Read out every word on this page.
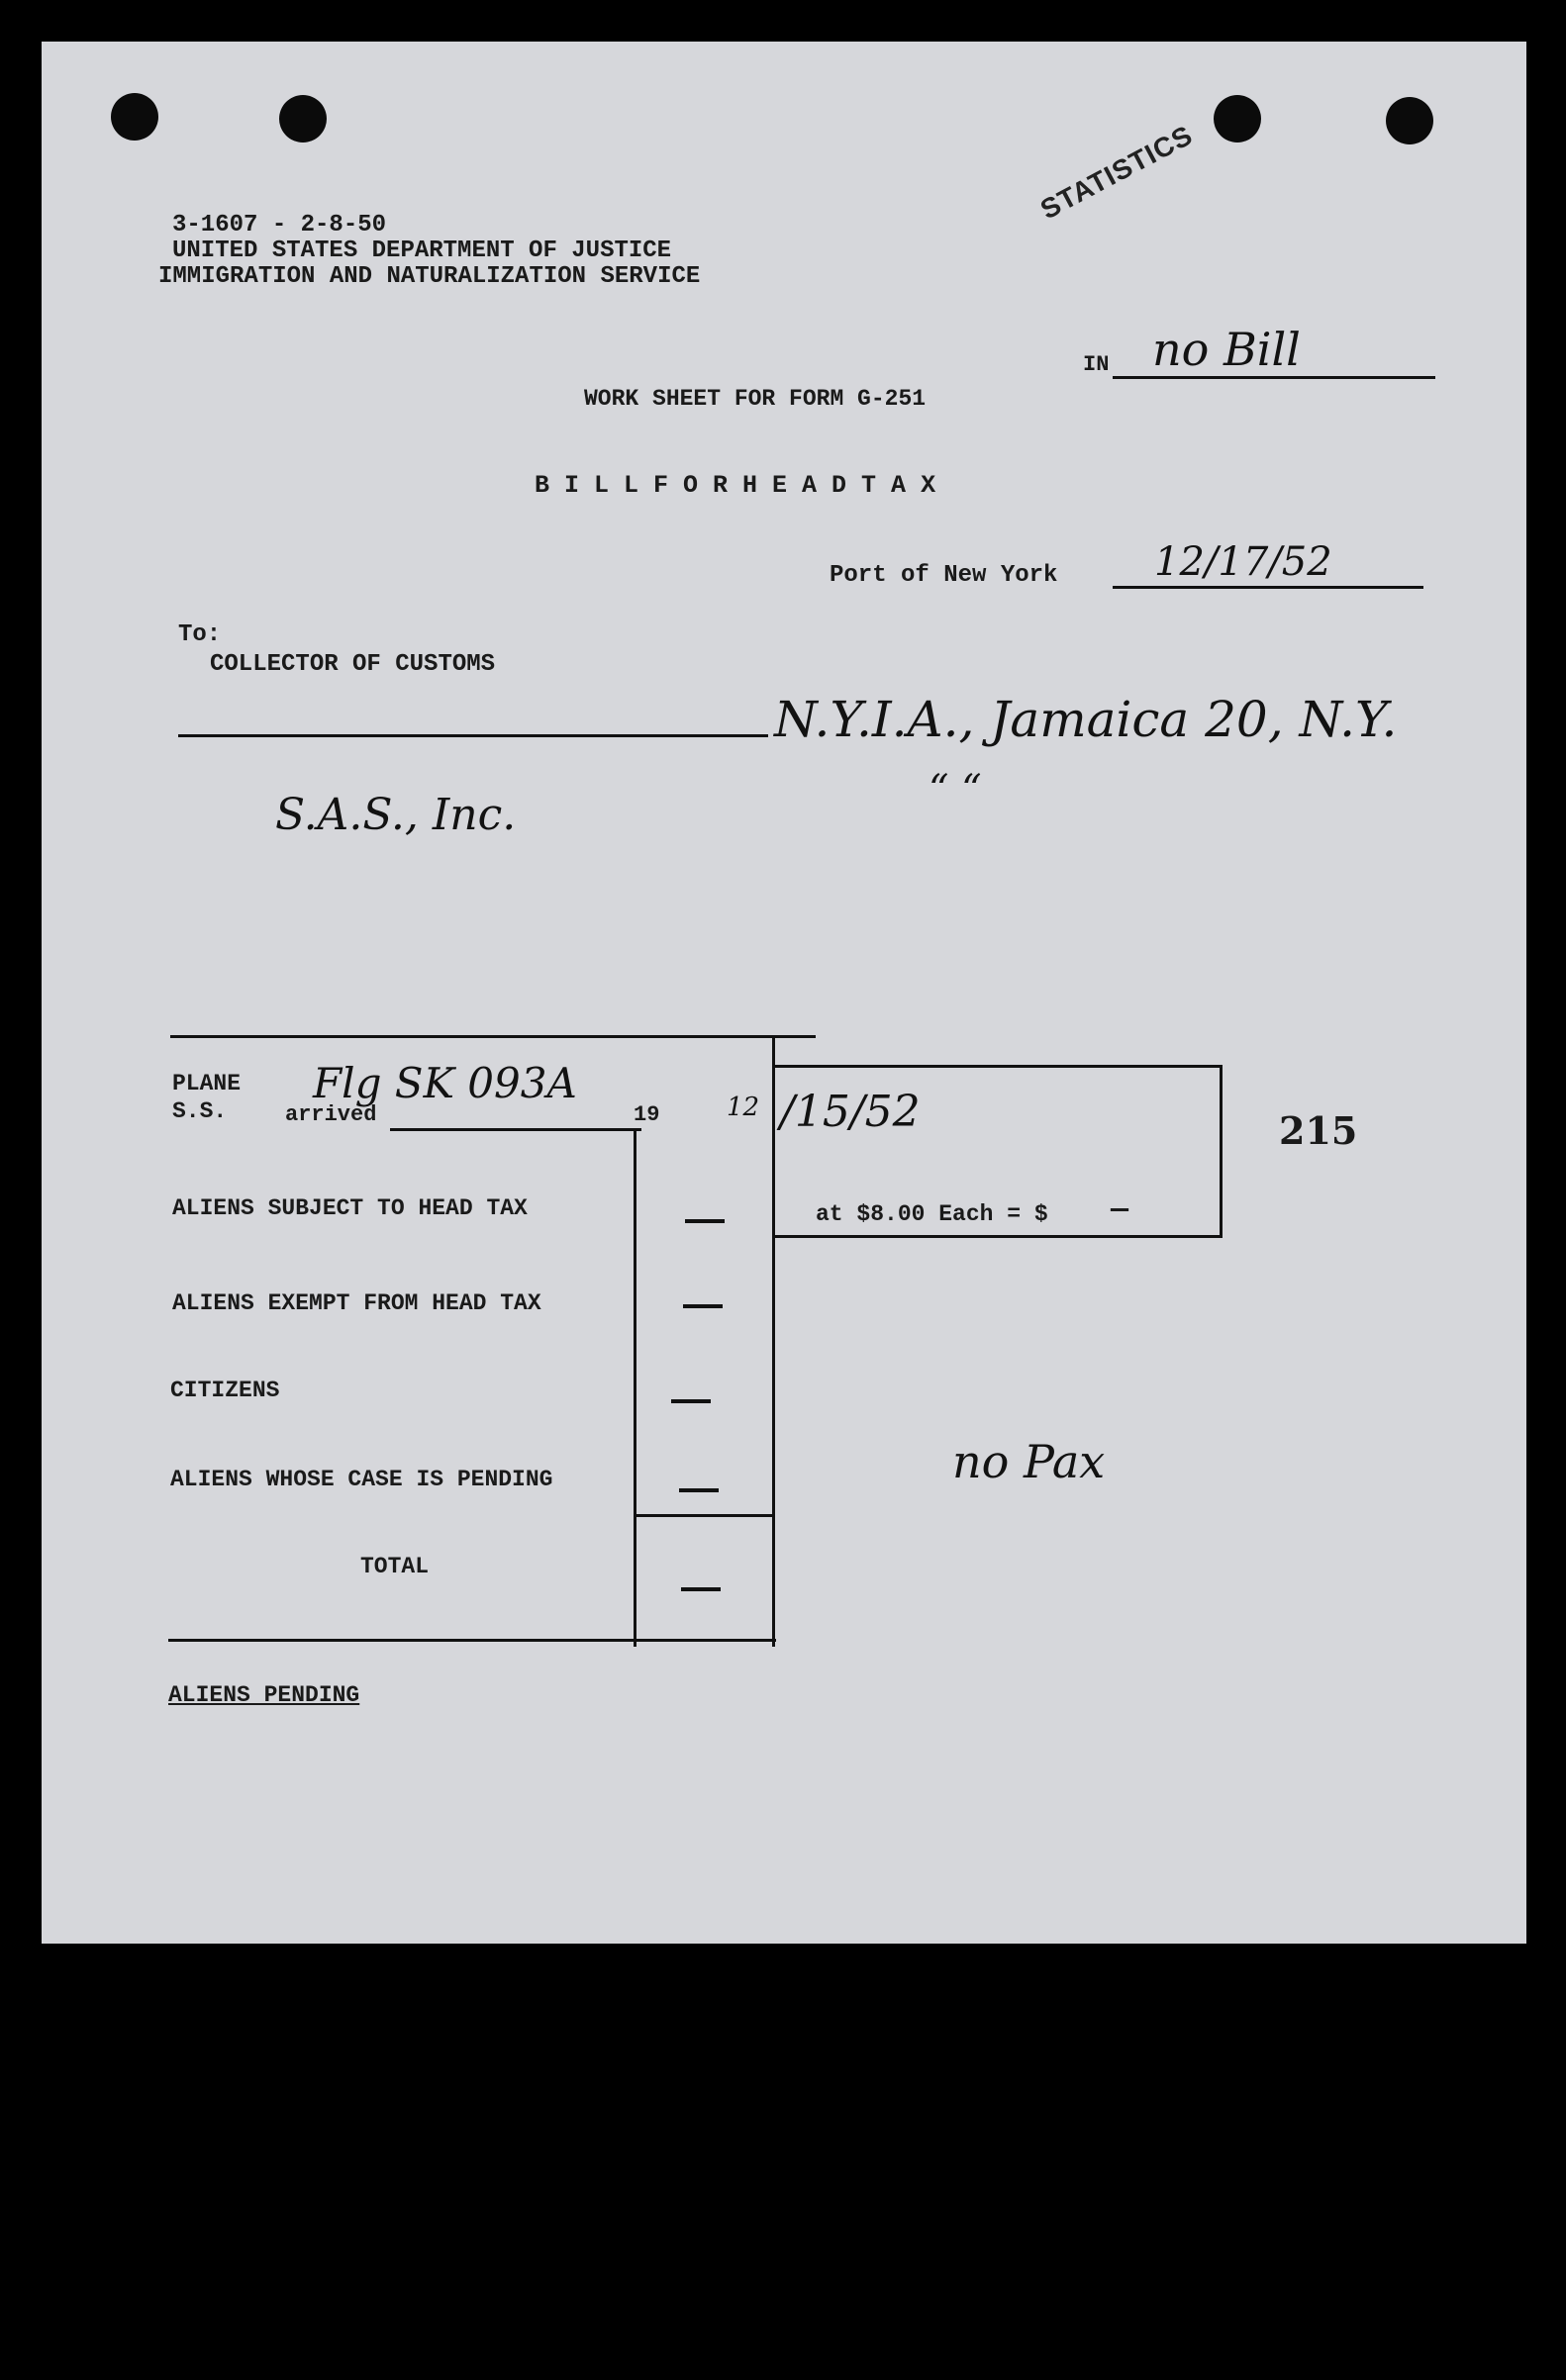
3-1607 - 2-8-50
UNITED STATES DEPARTMENT OF JUSTICE
IMMIGRATION AND NATURALIZATION SERVICE
STATISTICS
IN no Bill
WORK SHEET FOR FORM G-251
B I L L F O R H E A D T A X
Port of New York 12/17/52
To:
COLLECTOR OF CUSTOMS
N.Y.I.A., Jamaica 20, N.Y.
“ “
S.A.S., Inc.
PLANE
S.S.	arrived
Flg SK 093A
19	12 /15/52
at $8.00 Each = $ —
215
ALIENS SUBJECT TO HEAD TAX
ALIENS EXEMPT FROM HEAD TAX
CITIZENS
ALIENS WHOSE CASE IS PENDING
TOTAL
no Pax
ALIENS PENDING
